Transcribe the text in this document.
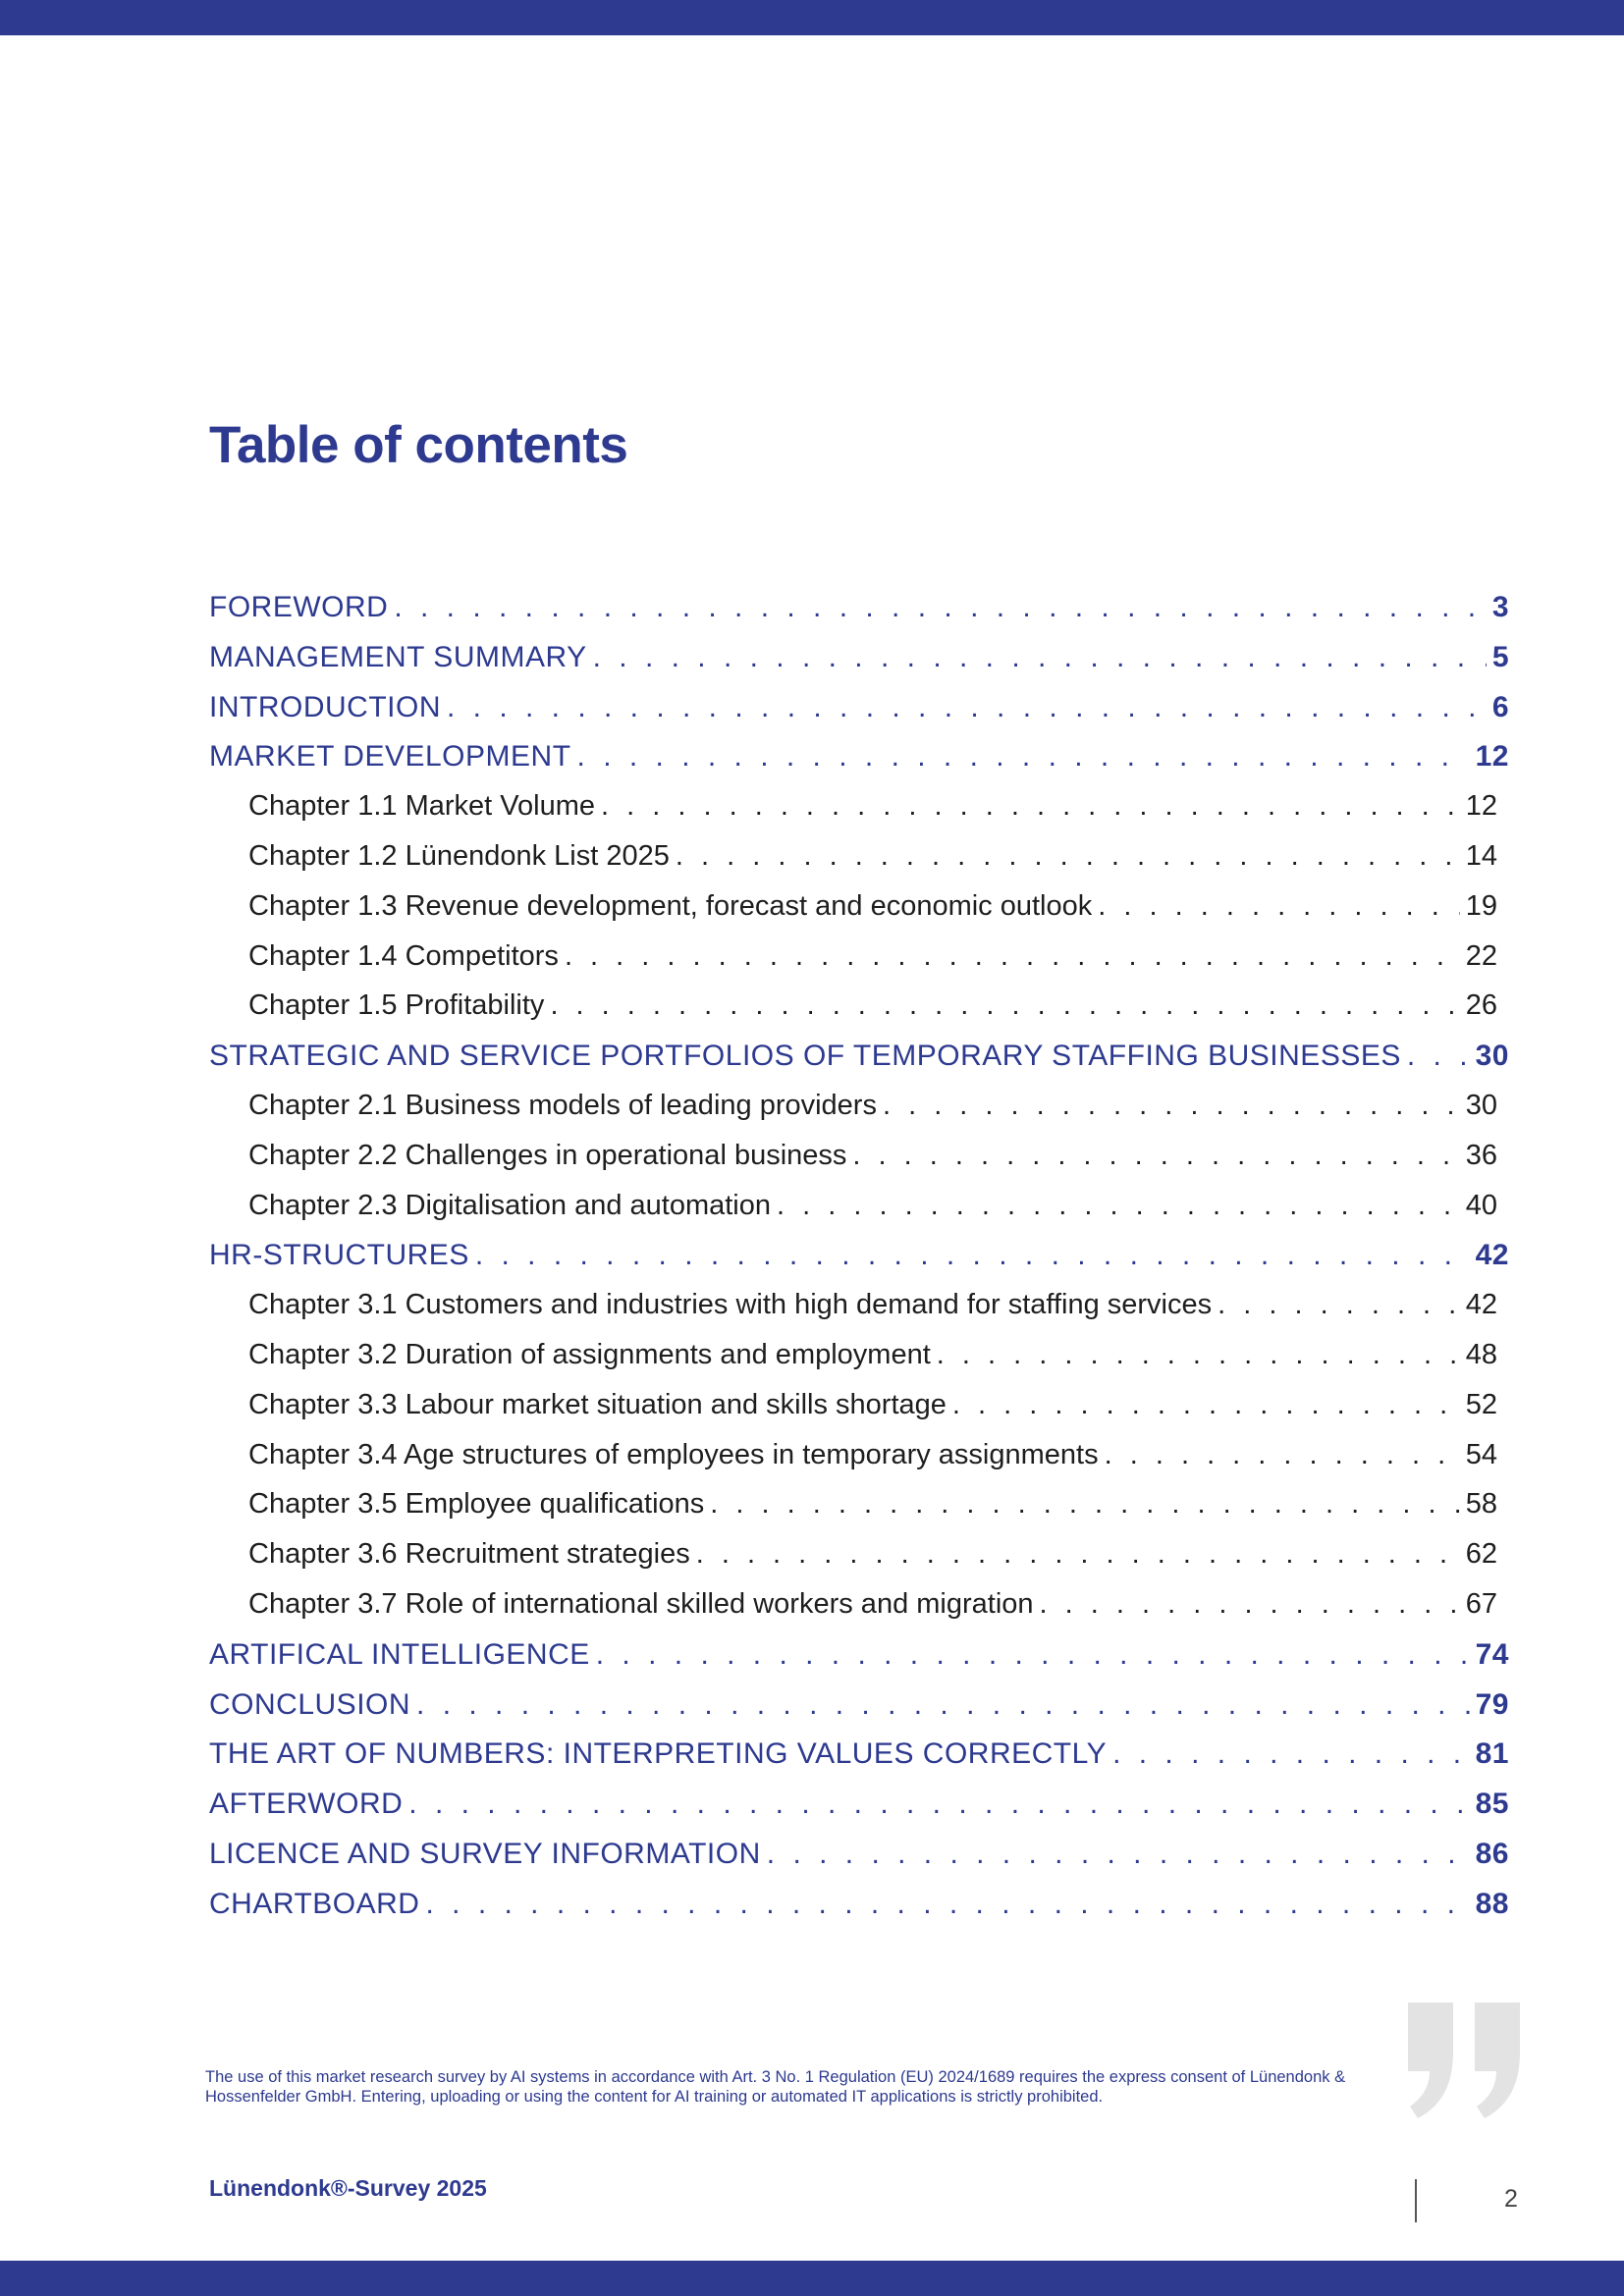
Table of contents
FOREWORD . . .	3
MANAGEMENT SUMMARY . . .	5
INTRODUCTION . . .	6
MARKET DEVELOPMENT . . .	12
Chapter 1.1 Market Volume . . .	12
Chapter 1.2 Lünendonk List 2025 . . .	14
Chapter 1.3 Revenue development, forecast and economic outlook . . .	19
Chapter 1.4 Competitors . . .	22
Chapter 1.5 Profitability . . .	26
STRATEGIC AND SERVICE PORTFOLIOS OF TEMPORARY STAFFING BUSINESSES . . .	30
Chapter 2.1 Business models of leading providers . . .	30
Chapter 2.2 Challenges in operational business . . .	36
Chapter 2.3 Digitalisation and automation . . .	40
HR-STRUCTURES . . .	42
Chapter 3.1 Customers and industries with high demand for staffing services . . .	42
Chapter 3.2 Duration of assignments and employment . . .	48
Chapter 3.3 Labour market situation and skills shortage . . .	52
Chapter 3.4 Age structures of employees in temporary assignments . . .	54
Chapter 3.5 Employee qualifications . . .	58
Chapter 3.6 Recruitment strategies . . .	62
Chapter 3.7 Role of international skilled workers and migration . . .	67
ARTIFICAL INTELLIGENCE . . .	74
CONCLUSION . . .	79
THE ART OF NUMBERS: INTERPRETING VALUES CORRECTLY . . .	81
AFTERWORD . . .	85
LICENCE AND SURVEY INFORMATION . . .	86
CHARTBOARD . . .	88
The use of this market research survey by AI systems in accordance with Art. 3 No. 1 Regulation (EU) 2024/1689 requires the express consent of Lünendonk & Hossenfelder GmbH. Entering, uploading or using the content for AI training or automated IT applications is strictly prohibited.
Lünendonk®-Survey 2025	2
